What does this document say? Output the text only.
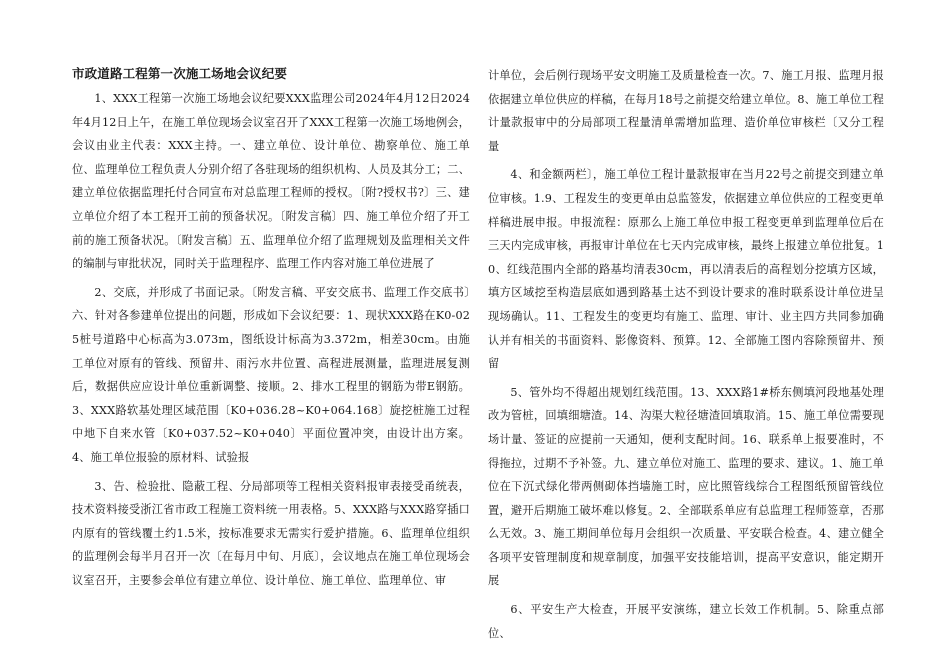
市政道路工程第一次施工场地会议纪要
1、XXX工程第一次施工场地会议纪要XXX监理公司2024年4月12日2024年4月12日上午，在施工单位现场会议室召开了XXX工程第一次施工场地例会，会议由业主代表：XXX主持。一、建立单位、设计单位、勘察单位、施工单位、监理单位工程负责人分别介绍了各驻现场的组织机构、人员及其分工；二、建立单位依据监理托付合同宣布对总监理工程师的授权。〔附?授权书?〕三、建立单位介绍了本工程开工前的预备状况。〔附发言稿〕四、施工单位介绍了开工前的施工预备状况。〔附发言稿〕五、监理单位介绍了监理规划及监理相关文件的编制与审批状况，同时关于监理程序、监理工作内容对施工单位进展了
2、交底，并形成了书面记录。〔附发言稿、平安交底书、监理工作交底书〕六、针对各参建单位提出的问题，形成如下会议纪要：1、现状XXX路在K0-025桩号道路中心标高为3.073m，图纸设计标高为3.372m，相差30cm。由施工单位对原有的管线、预留井、雨污水井位置、高程进展测量，监理进展复测后，数据供应应设计单位重新调整、接顺。2、排水工程里的钢筋为带E钢筋。3、XXX路软基处理区域范围〔K0+036.28~K0+064.168〕旋挖桩施工过程中地下自来水管〔K0+037.52~K0+040〕平面位置冲突，由设计出方案。4、施工单位报验的原材料、试验报
3、告、检验批、隐蔽工程、分局部项等工程相关资料报审表接受甬统表，技术资料接受浙江省市政工程施工资料统一用表格。5、XXX路与XXX路穿插口内原有的管线覆土约1.5米，按标准要求无需实行爱护措施。6、监理单位组织的监理例会每半月召开一次〔在每月中旬、月底〕，会议地点在施工单位现场会议室召开，主要参会单位有建立单位、设计单位、施工单位、监理单位、审
计单位，会后例行现场平安文明施工及质量检查一次。7、施工月报、监理月报依据建立单位供应的样稿，在每月18号之前提交给建立单位。8、施工单位工程计量款报审中的分局部项工程量清单需增加监理、造价单位审核栏〔又分工程量
4、和金额两栏〕，施工单位工程计量款报审在当月22号之前提交到建立单位审核。1.9、工程发生的变更单由总监签发，依据建立单位供应的工程变更单样稿进展申报。申报流程：原那么上施工单位申报工程变更单到监理单位后在三天内完成审核，再报审计单位在七天内完成审核，最终上报建立单位批复。10、红线范围内全部的路基均清表30cm，再以清表后的高程划分挖填方区域，填方区域挖至构造层底如遇到路基土达不到设计要求的准时联系设计单位进呈现场确认。11、工程发生的变更均有施工、监理、审计、业主四方共同参加确认并有相关的书面资料、影像资料、预算。12、全部施工图内容除预留井、预留
5、管外均不得超出规划红线范围。13、XXX路1#桥东侧填河段地基处理改为管桩，回填细塘渣。14、沟渠大粒径塘渣回填取消。15、施工单位需要现场计量、签证的应提前一天通知，便利支配时间。16、联系单上报要准时，不得拖拉，过期不予补签。九、建立单位对施工、监理的要求、建议。1、施工单位在下沉式绿化带两侧砌体挡墙施工时，应比照管线综合工程图纸预留管线位置，避开后期施工破坏难以修复。2、全部联系单应有总监理工程师签章，否那么无效。3、施工期间单位每月会组织一次质量、平安联合检查。4、建立健全各项平安管理制度和规章制度，加强平安技能培训，提高平安意识，能定期开展
6、平安生产大检查，开展平安演练，建立长效工作机制。5、除重点部位、
